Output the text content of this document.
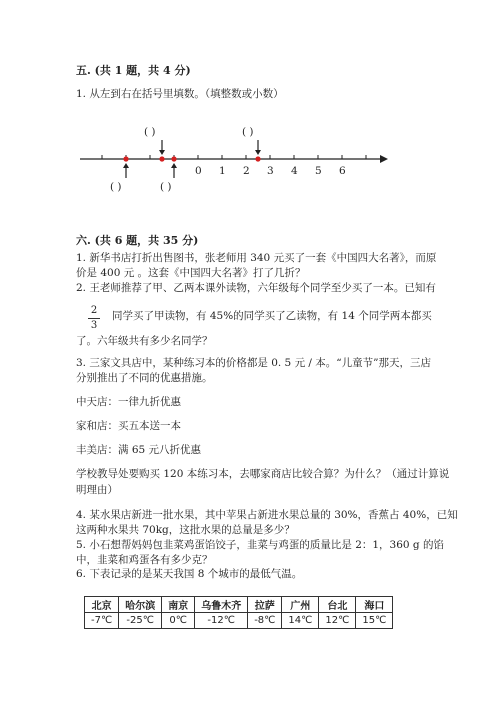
五. (共 1 题，共 4 分)
1. 从左到右在括号里填数。（填整数或小数）
( )	( )
( )	( )
0 1 2 3 4 5 6
六. (共 6 题，共 35 分)
1. 新华书店打折出售图书，张老师用 340 元买了一套《中国四大名著》，而原
价是 400 元 。这套《中国四大名著》打了几折？
2. 王老师推荐了甲、乙两本课外读物，六年级每个同学至少买了一本。已知有
2
3
同学买了甲读物，有 45%的同学买了乙读物，有 14 个同学两本都买
了。六年级共有多少名同学？
3. 三家文具店中，某种练习本的价格都是 0. 5 元 / 本。“儿童节”那天，三店
分别推出了不同的优惠措施。
中天店：一律九折优惠
家和店：买五本送一本
丰美店：满 65 元八折优惠
学校教导处要购买 120 本练习本，去哪家商店比较合算？为什么？（通过计算说
明理由）
4. 某水果店新进一批水果，其中苹果占新进水果总量的 30%，香蕉占 40%，已知
这两种水果共 70kg，这批水果的总量是多少？
5. 小石想帮妈妈包韭菜鸡蛋馅饺子，韭菜与鸡蛋的质量比是 2：1，360 g 的馅
中，韭菜和鸡蛋各有多少克？
6. 下表记录的是某天我国 8 个城市的最低气温。
北京	哈尔滨	南京	乌鲁木齐	拉萨	广州	台北	海口
-7℃	-25℃	0℃	-12℃	-8℃	14℃	12℃	15℃
